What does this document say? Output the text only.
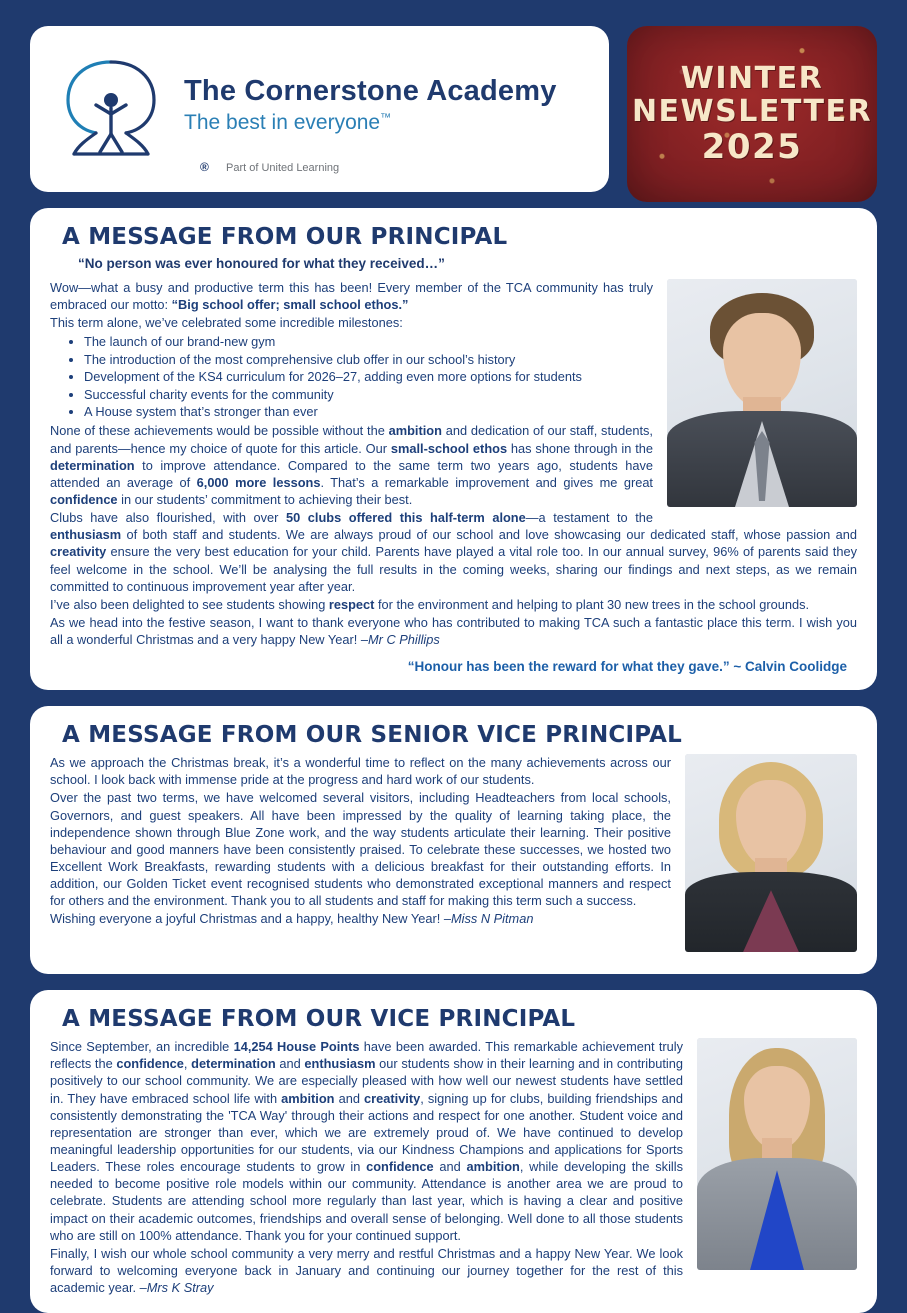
The Cornerstone Academy
The best in everyone™
® Part of United Learning
WINTER
NEWSLETTER
2025
A MESSAGE FROM OUR PRINCIPAL
“No person was ever honoured for what they received…”

Wow—what a busy and productive term this has been! Every member of the TCA community has truly embraced our motto: “Big school offer; small school ethos.”

This term alone, we’ve celebrated some incredible milestones:

• The launch of our brand-new gym
• The introduction of the most comprehensive club offer in our school’s history
• Development of the KS4 curriculum for 2026–27, adding even more options for students
• Successful charity events for the community
• A House system that’s stronger than ever

None of these achievements would be possible without the ambition and dedication of our staff, students, and parents—hence my choice of quote for this article. Our small-school ethos has shone through in the determination to improve attendance. Compared to the same term two years ago, students have attended an average of 6,000 more lessons. That’s a remarkable improvement and gives me great confidence in our students’ commitment to achieving their best.

Clubs have also flourished, with over 50 clubs offered this half-term alone—a testament to the enthusiasm of both staff and students. We are always proud of our school and love showcasing our dedicated staff, whose passion and creativity ensure the very best education for your child. Parents have played a vital role too. In our annual survey, 96% of parents said they feel welcome in the school. We’ll be analysing the full results in the coming weeks, sharing our findings and next steps, as we remain committed to continuous improvement year after year.

I’ve also been delighted to see students showing respect for the environment and helping to plant 30 new trees in the school grounds.

As we head into the festive season, I want to thank everyone who has contributed to making TCA such a fantastic place this term. I wish you all a wonderful Christmas and a very happy New Year! –Mr C Phillips

“Honour has been the reward for what they gave.” ~ Calvin Coolidge
A MESSAGE FROM OUR SENIOR VICE PRINCIPAL

As we approach the Christmas break, it’s a wonderful time to reflect on the many achievements across our school. I look back with immense pride at the progress and hard work of our students.

Over the past two terms, we have welcomed several visitors, including Headteachers from local schools, Governors, and guest speakers. All have been impressed by the quality of learning taking place, the independence shown through Blue Zone work, and the way students articulate their learning. Their positive behaviour and good manners have been consistently praised. To celebrate these successes, we hosted two Excellent Work Breakfasts, rewarding students with a delicious breakfast for their outstanding efforts. In addition, our Golden Ticket event recognised students who demonstrated exceptional manners and respect for others and the environment. Thank you to all students and staff for making this term such a success.

Wishing everyone a joyful Christmas and a happy, healthy New Year! –Miss N Pitman

A MESSAGE FROM OUR VICE PRINCIPAL

Since September, an incredible 14,254 House Points have been awarded. This remarkable achievement truly reflects the confidence, determination and enthusiasm our students show in their learning and in contributing positively to our school community. We are especially pleased with how well our newest students have settled in. They have embraced school life with ambition and creativity, signing up for clubs, building friendships and consistently demonstrating the 'TCA Way' through their actions and respect for one another. Student voice and representation are stronger than ever, which we are extremely proud of. We have continued to develop meaningful leadership opportunities for our students, via our Kindness Champions and applications for Sports Leaders. These roles encourage students to grow in confidence and ambition, while developing the skills needed to become positive role models within our community. Attendance is another area we are proud to celebrate. Students are attending school more regularly than last year, which is having a clear and positive impact on their academic outcomes, friendships and overall sense of belonging. Well done to all those students who are still on 100% attendance. Thank you for your continued support.

Finally, I wish our whole school community a very merry and restful Christmas and a happy New Year. We look forward to welcoming everyone back in January and continuing our journey together for the rest of this academic year. –Mrs K Stray
